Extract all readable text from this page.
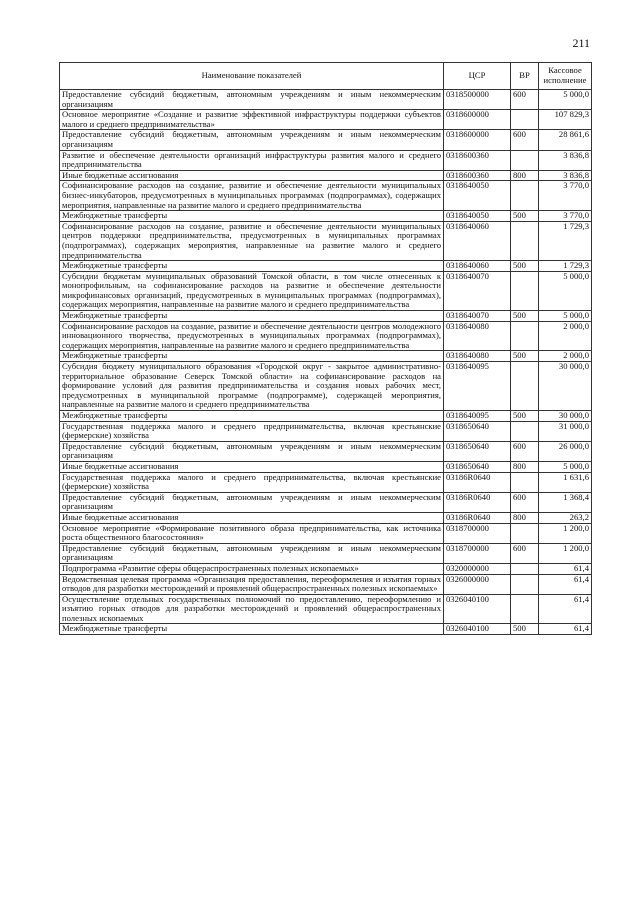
211
Наименование показателей	ЦСР	ВР	Кассовое исполнение
Предоставление субсидий бюджетным, автономным учреждениям и иным некоммерческим организациям	0318500000	600	5 000,0
Основное мероприятие «Создание и развитие эффективной инфраструктуры поддержки субъектов малого и среднего предпринимательства»	0318600000		107 829,3
Предоставление субсидий бюджетным, автономным учреждениям и иным некоммерческим организациям	0318600000	600	28 861,6
Развитие и обеспечение деятельности организаций инфраструктуры развития малого и среднего предпринимательства	0318600360		3 836,8
Иные бюджетные ассигнования	0318600360	800	3 836,8
Софинансирование расходов на создание, развитие и обеспечение деятельности муниципальных бизнес-инкубаторов, предусмотренных в муниципальных программах (подпрограммах), содержащих мероприятия, направленные на развитие малого и среднего предпринимательства	0318640050		3 770,0
Межбюджетные трансферты	0318640050	500	3 770,0
Софинансирование расходов на создание, развитие и обеспечение деятельности муниципальных центров поддержки предпринимательства, предусмотренных в муниципальных программах (подпрограммах), содержащих мероприятия, направленные на развитие малого и среднего предпринимательства	0318640060		1 729,3
Межбюджетные трансферты	0318640060	500	1 729,3
Субсидии бюджетам муниципальных образований Томской области, в том числе отнесенных к монопрофильным, на софинансирование расходов на развитие и обеспечение деятельности микрофинансовых организаций, предусмотренных в муниципальных программах (подпрограммах), содержащих мероприятия, направленные на развитие малого и среднего предпринимательства	0318640070		5 000,0
Межбюджетные трансферты	0318640070	500	5 000,0
Софинансирование расходов на создание, развитие и обеспечение деятельности центров молодежного инновационного творчества, предусмотренных в муниципальных программах (подпрограммах), содержащих мероприятия, направленные на развитие малого и среднего предпринимательства	0318640080		2 000,0
Межбюджетные трансферты	0318640080	500	2 000,0
Субсидия бюджету муниципального образования «Городской округ - закрытое административно-территориальное образование Северск Томской области» на софинансирование расходов на формирование условий для развития предпринимательства и создания новых рабочих мест, предусмотренных в муниципальной программе (подпрограмме), содержащей мероприятия, направленные на развитие малого и среднего предпринимательства	0318640095		30 000,0
Межбюджетные трансферты	0318640095	500	30 000,0
Государственная поддержка малого и среднего предпринимательства, включая крестьянские (фермерские) хозяйства	0318650640		31 000,0
Предоставление субсидий бюджетным, автономным учреждениям и иным некоммерческим организациям	0318650640	600	26 000,0
Иные бюджетные ассигнования	0318650640	800	5 000,0
Государственная поддержка малого и среднего предпринимательства, включая крестьянские (фермерские) хозяйства	03186R0640		1 631,6
Предоставление субсидий бюджетным, автономным учреждениям и иным некоммерческим организациям	03186R0640	600	1 368,4
Иные бюджетные ассигнования	03186R0640	800	263,2
Основное мероприятие «Формирование позитивного образа предпринимательства, как источника роста общественного благосостояния»	0318700000		1 200,0
Предоставление субсидий бюджетным, автономным учреждениям и иным некоммерческим организациям	0318700000	600	1 200,0
Подпрограмма «Развитие сферы общераспространенных полезных ископаемых»	0320000000		61,4
Ведомственная целевая программа «Организация предоставления, переоформления и изъятия горных отводов для разработки месторождений и проявлений общераспространенных полезных ископаемых»	0326000000		61,4
Осуществление отдельных государственных полномочий по предоставлению, переоформлению и изъятию горных отводов для разработки месторождений и проявлений общераспространенных полезных ископаемых	0326040100		61,4
Межбюджетные трансферты	0326040100	500	61,4
